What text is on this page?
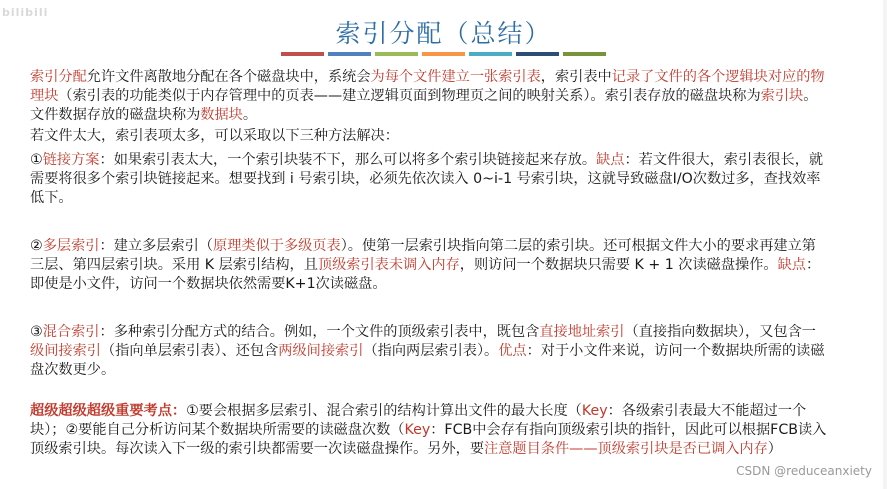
bilibili
索引分配（总结）
索引分配允许文件离散地分配在各个磁盘块中，系统会为每个文件建立一张索引表，索引表中记录了文件的各个逻辑块对应的物理块（索引表的功能类似于内存管理中的页表——建立逻辑页面到物理页之间的映射关系）。索引表存放的磁盘块称为索引块。文件数据存放的磁盘块称为数据块。
若文件太大，索引表项太多，可以采取以下三种方法解决：
①链接方案：如果索引表太大，一个索引块装不下，那么可以将多个索引块链接起来存放。缺点：若文件很大，索引表很长，就需要将很多个索引块链接起来。想要找到 i 号索引块，必须先依次读入 0~i-1 号索引块，这就导致磁盘I/O次数过多，查找效率低下。
②多层索引：建立多层索引（原理类似于多级页表）。使第一层索引块指向第二层的索引块。还可根据文件大小的要求再建立第三层、第四层索引块。采用 K 层索引结构，且顶级索引表未调入内存，则访问一个数据块只需要 K + 1 次读磁盘操作。缺点：即使是小文件，访问一个数据块依然需要K+1次读磁盘。
③混合索引：多种索引分配方式的结合。例如，一个文件的顶级索引表中，既包含直接地址索引（直接指向数据块），又包含一级间接索引（指向单层索引表）、还包含两级间接索引（指向两层索引表）。优点：对于小文件来说，访问一个数据块所需的读磁盘次数更少。
超级超级超级重要考点：①要会根据多层索引、混合索引的结构计算出文件的最大长度（Key：各级索引表最大不能超过一个块）；②要能自己分析访问某个数据块所需要的读磁盘次数（Key：FCB中会存有指向顶级索引块的指针，因此可以根据FCB读入顶级索引块。每次读入下一级的索引块都需要一次读磁盘操作。另外，要注意题目条件——顶级索引块是否已调入内存）
CSDN @reduceanxiety
